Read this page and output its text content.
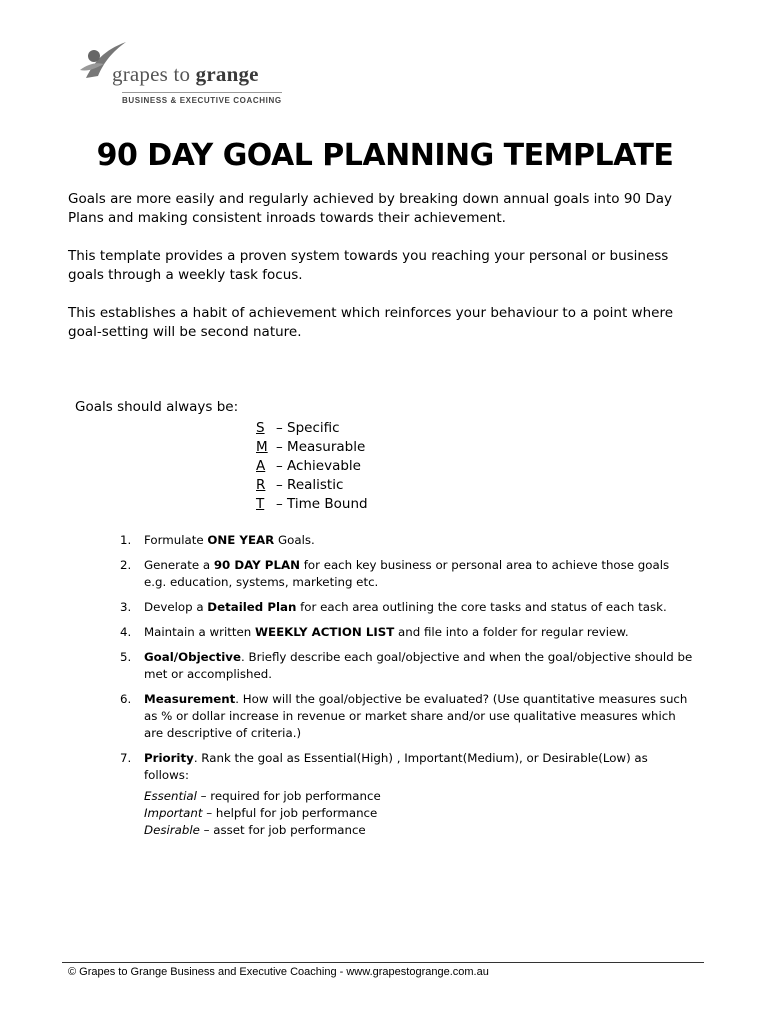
grapes to grange
BUSINESS & EXECUTIVE COACHING
90 DAY GOAL PLANNING TEMPLATE
Goals are more easily and regularly achieved by breaking down annual goals into 90 Day Plans and making consistent inroads towards their achievement.
This template provides a proven system towards you reaching your personal or business goals through a weekly task focus.
This establishes a habit of achievement which reinforces your behaviour to a point where goal-setting will be second nature.
Goals should always be:
S – Specific
M – Measurable
A – Achievable
R – Realistic
T – Time Bound
1. Formulate ONE YEAR Goals.
2. Generate a 90 DAY PLAN for each key business or personal area to achieve those goals e.g. education, systems, marketing etc.
3. Develop a Detailed Plan for each area outlining the core tasks and status of each task.
4. Maintain a written WEEKLY ACTION LIST and file into a folder for regular review.
5. Goal/Objective. Briefly describe each goal/objective and when the goal/objective should be met or accomplished.
6. Measurement. How will the goal/objective be evaluated? (Use quantitative measures such as % or dollar increase in revenue or market share and/or use qualitative measures which are descriptive of criteria.)
7. Priority. Rank the goal as Essential(High) , Important(Medium), or Desirable(Low) as follows:
Essential – required for job performance
Important – helpful for job performance
Desirable – asset for job performance
© Grapes to Grange Business and Executive Coaching - www.grapestogrange.com.au
